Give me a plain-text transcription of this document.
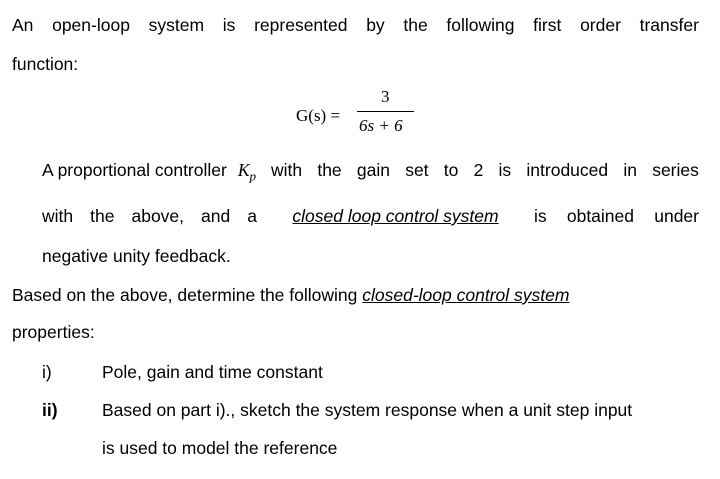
An open-loop system is represented by the following first order transfer
function:
G(s) =
3
6s + 6
A proportional controller $K_p$ with the gain set to 2 is introduced in series
with the above, and a closed loop control system is obtained under
negative unity feedback.
Based on the above, determine the following closed-loop control system
properties:
i)	Pole, gain and time constant
ii)	Based on part i)., sketch the system response when a unit step input
is used to model the reference
